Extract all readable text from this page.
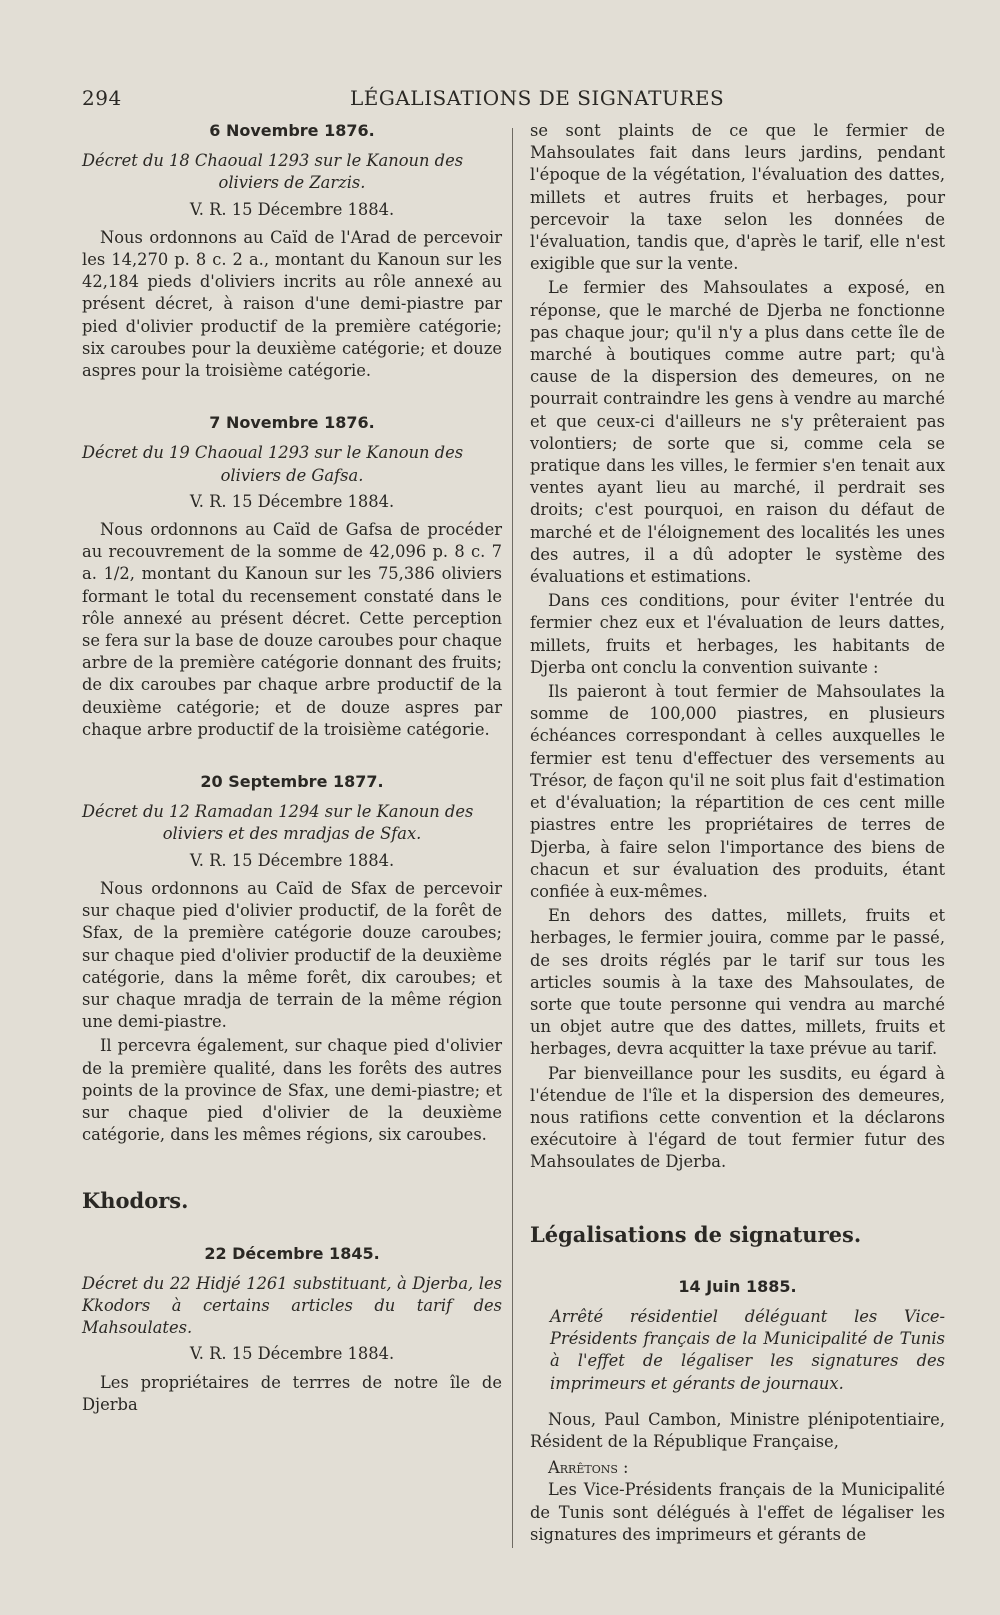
294	LÉGALISATIONS DE SIGNATURES

6 Novembre 1876.

Décret du 18 Chaoual 1293 sur le Kanoun des
oliviers de Zarzis.
V. R. 15 Décembre 1884.

Nous ordonnons au Caïd de l'Arad de percevoir les 14,270 p. 8 c. 2 a., montant du Kanoun sur les 42,184 pieds d'oliviers incrits au rôle annexé au présent décret, à raison d'une demi-piastre par pied d'olivier productif de la première catégorie; six caroubes pour la deuxième catégorie; et douze aspres pour la troisième catégorie.

7 Novembre 1876.

Décret du 19 Chaoual 1293 sur le Kanoun des
oliviers de Gafsa.
V. R. 15 Décembre 1884.

Nous ordonnons au Caïd de Gafsa de procéder au recouvrement de la somme de 42,096 p. 8 c. 7 a. 1/2, montant du Kanoun sur les 75,386 oliviers formant le total du recensement constaté dans le rôle annexé au présent décret. Cette perception se fera sur la base de douze caroubes pour chaque arbre de la première catégorie donnant des fruits; de dix caroubes par chaque arbre productif de la deuxième catégorie; et de douze aspres par chaque arbre productif de la troisième catégorie.

20 Septembre 1877.

Décret du 12 Ramadan 1294 sur le Kanoun des
oliviers et des mradjas de Sfax.
V. R. 15 Décembre 1884.

Nous ordonnons au Caïd de Sfax de percevoir sur chaque pied d'olivier productif, de la forêt de Sfax, de la première catégorie douze caroubes; sur chaque pied d'olivier productif de la deuxième catégorie, dans la même forêt, dix caroubes; et sur chaque mradja de terrain de la même région une demi-piastre.

Il percevra également, sur chaque pied d'olivier de la première qualité, dans les forêts des autres points de la province de Sfax, une demi-piastre; et sur chaque pied d'olivier de la deuxième catégorie, dans les mêmes régions, six caroubes.

Khodors.

22 Décembre 1845.

Décret du 22 Hidjé 1261 substituant, à Djerba, les Kkodors à certains articles du tarif des Mahsoulates.
V. R. 15 Décembre 1884.

Les propriétaires de terrres de notre île de Djerba

se sont plaints de ce que le fermier de Mahsoulates fait dans leurs jardins, pendant l'époque de la végétation, l'évaluation des dattes, millets et autres fruits et herbages, pour percevoir la taxe selon les données de l'évaluation, tandis que, d'après le tarif, elle n'est exigible que sur la vente.

Le fermier des Mahsoulates a exposé, en réponse, que le marché de Djerba ne fonctionne pas chaque jour; qu'il n'y a plus dans cette île de marché à boutiques comme autre part; qu'à cause de la dispersion des demeures, on ne pourrait contraindre les gens à vendre au marché et que ceux-ci d'ailleurs ne s'y prêteraient pas volontiers; de sorte que si, comme cela se pratique dans les villes, le fermier s'en tenait aux ventes ayant lieu au marché, il perdrait ses droits; c'est pourquoi, en raison du défaut de marché et de l'éloignement des localités les unes des autres, il a dû adopter le système des évaluations et estimations.

Dans ces conditions, pour éviter l'entrée du fermier chez eux et l'évaluation de leurs dattes, millets, fruits et herbages, les habitants de Djerba ont conclu la convention suivante :

Ils paieront à tout fermier de Mahsoulates la somme de 100,000 piastres, en plusieurs échéances correspondant à celles auxquelles le fermier est tenu d'effectuer des versements au Trésor, de façon qu'il ne soit plus fait d'estimation et d'évaluation; la répartition de ces cent mille piastres entre les propriétaires de terres de Djerba, à faire selon l'importance des biens de chacun et sur évaluation des produits, étant confiée à eux-mêmes.

En dehors des dattes, millets, fruits et herbages, le fermier jouira, comme par le passé, de ses droits réglés par le tarif sur tous les articles soumis à la taxe des Mahsoulates, de sorte que toute personne qui vendra au marché un objet autre que des dattes, millets, fruits et herbages, devra acquitter la taxe prévue au tarif.

Par bienveillance pour les susdits, eu égard à l'étendue de l'île et la dispersion des demeures, nous ratifions cette convention et la déclarons exécutoire à l'égard de tout fermier futur des Mahsoulates de Djerba.

Légalisations de signatures.

14 Juin 1885.

Arrêté résidentiel déléguant les Vice-Présidents français de la Municipalité de Tunis à l'effet de légaliser les signatures des imprimeurs et gérants de journaux.

Nous, Paul Cambon, Ministre plénipotentiaire, Résident de la République Française,

Arrêtons :

Les Vice-Présidents français de la Municipalité de Tunis sont délégués à l'effet de légaliser les signatures des imprimeurs et gérants de
